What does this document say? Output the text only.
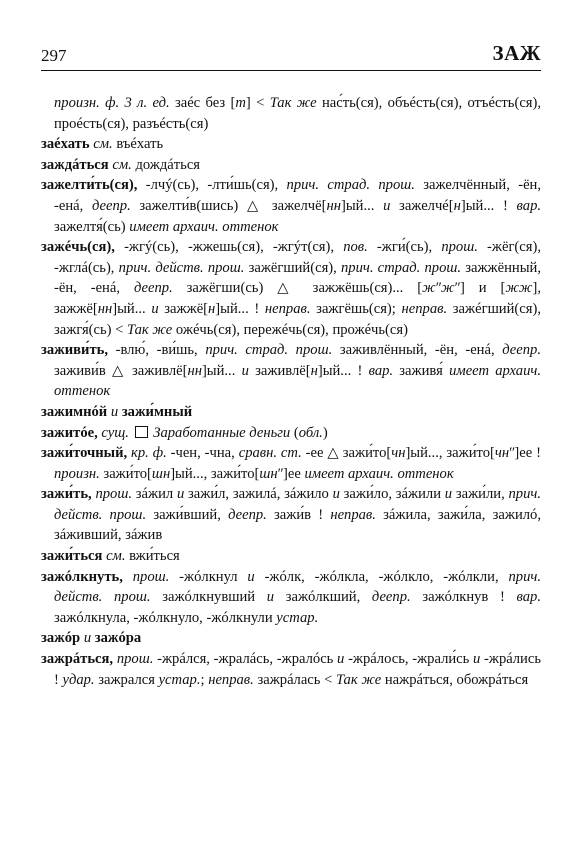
297	ЗАЖ

произн. ф. 3 л. ед. заéс без [т] < Так же нас́ть(ся), объéсть(ся), отъéсть(ся), проéсть(ся), разъéсть(ся)

заéхать см. въéхать

заждáться см. дождáться

зажелти́ть(ся), -лчý(сь), -лти́шь(ся), прич. страд. прош. зажелчённый, -ён, -енá, деепр. зажелти́в(шись) △ зажелчё[нн]ый... и зажелчé[н]ый... ! вар. зажелтя́(сь) имеет архаич. оттенок

зажéчь(ся), -жгý(сь), -жжешь(ся), -жгýт(ся), пов. -жги́(сь), прош. -жёг(ся), -жглá(сь), прич. действ. прош. зажёгший(ся), прич. страд. прош. зажжённый, -ён, -енá, деепр. зажёгши(сь) △ зажжёшь(ся)... [жʺжʺ] и [жж], зажжё[нн]ый... и зажжё[н]ый... ! неправ. зажгёшь(ся); неправ. зажéгший(ся), зажгя́(сь) < Так же ожéчь(ся), пережéчь(ся), прожéчь(ся)

заживи́ть, -влю́, -ви́шь, прич. страд. прош. заживлённый, -ён, -енá, деепр. заживи́в △ заживлё[нн]ый... и заживлё[н]ый... ! вар. заживя́ имеет архаич. оттенок

зажимнóй и зажи́мный

зажитóе, сущ.  Заработанные деньги (обл.)

зажи́точный, кр. ф. -чен, -чна, сравн. ст. -ее △ зажи́то[чн]ый..., зажи́то[чнʺ]ее ! произн. зажи́то[шн]ый..., зажи́то[шнʺ]ее имеет архаич. оттенок

зажи́ть, прош. зáжил и зажи́л, зажилá, зáжило и зажи́ло, зáжили и зажи́ли, прич. действ. прош. зажи́вший, деепр. зажи́в ! неправ. зáжила, зажи́ла, зажилó, зáживший, зáжив

зажи́ться см. вжи́ться

зажóлкнуть, прош. -жóлкнул и -жóлк, -жóлкла, -жóлкло, -жóлкли, прич. действ. прош. зажóлкнувший и зажóлкший, деепр. зажóлкнув ! вар. зажóлкнула, -жóлкнуло, -жóлкнули устар.

зажóр и зажóра

зажрáться, прош. -жрáлся, -жралáсь, -жралóсь и -жрáлось, -жрали́сь и -жрáлись ! удар. зажрался устар.; неправ. зажрáлась < Так же нажрáться, обожрáться
